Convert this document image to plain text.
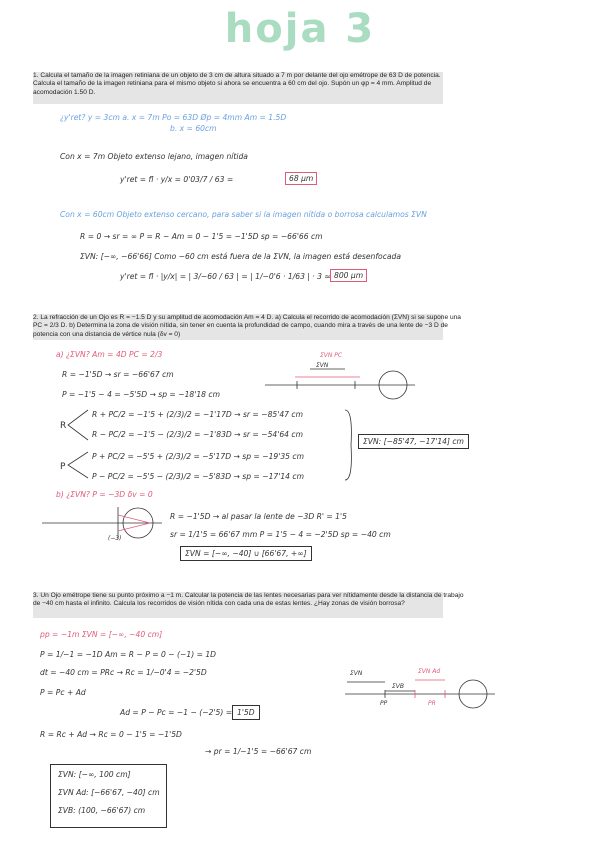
hoja 3
1. Calcula el tamaño de la imagen retiniana de un objeto de 3 cm de altura situado a 7 m por delante del ojo emétrope de 63 D de potencia. Calcula el tamaño de la imagen retiniana para el mismo objeto si ahora se encuentra a 60 cm del ojo. Supón un φp = 4 mm. Amplitud de acomodación 1.50 D.
¿y'ret? y = 3cm a. x = 7m Po = 63D Øp = 4mm Am = 1.5D
b. x = 60cm
Con x = 7m Objeto extenso lejano, imagen nítida
y'ret = fl · y/x = 0'03/7 / 63 =	68 µm
Con x = 60cm Objeto extenso cercano, para saber si la imagen nítida o borrosa calculamos ΣVN
R = 0 → sr = ∞ P = R − Am = 0 − 1'5 = −1'5D sp = −66'66 cm
ΣVN: [−∞, −66'66] Como −60 cm está fuera de la ΣVN, la imagen está desenfocada
y'ret = fl · |y/x| = | 3/−60 / 63 | = | 1/−0'6 · 1/63 | · 3 ≈ 800 µm
2. La refracción de un Ojo es R = −1.5 D y su amplitud de acomodación Am = 4 D. a) Calcula el recorrido de acomodación (ΣVN) si se supone una PC = 2/3 D. b) Determina la zona de visión nítida, sin tener en cuenta la profundidad de campo, cuando mira a través de una lente de −3 D de potencia con una distancia de vértice nula (δv = 0)
a) ¿ΣVN? Am = 4D PC = 2/3
R = −1'5D → sr = −66'67 cm
P = −1'5 − 4 = −5'5D → sp = −18'18 cm
R + PC/2 = −1'5 + (2/3)/2 = −1'17D → sr = −85'47 cm
R − PC/2 = −1'5 − (2/3)/2 = −1'83D → sr = −54'64 cm
P + PC/2 = −5'5 + (2/3)/2 = −5'17D → sp = −19'35 cm
P − PC/2 = −5'5 − (2/3)/2 = −5'83D → sp = −17'14 cm
ΣVN: [−85'47, −17'14] cm
R
P
ΣVN PC
ΣVN
b) ¿ΣVN? P = −3D δv = 0
(−3)
R = −1'5D → al pasar la lente de −3D R' = 1'5
sr = 1/1'5 = 66'67 mm P = 1'5 − 4 = −2'5D sp = −40 cm
ΣVN = [−∞, −40] ∪ [66'67, +∞]
3. Un Ojo emétrope tiene su punto próximo a −1 m. Calcular la potencia de las lentes necesarias para ver nítidamente desde la distancia de trabajo de −40 cm hasta el infinito. Calcula los recorridos de visión nítida con cada una de estas lentes. ¿Hay zonas de visión borrosa?
pp = −1m ΣVN = [−∞, −40 cm]
P = 1/−1 = −1D Am = R − P = 0 − (−1) = 1D
dt = −40 cm = PRc → Rc = 1/−0'4 = −2'5D
P = Pc + Ad
Ad = P − Pc = −1 − (−2'5) = 1'5D
R = Rc + Ad → Rc = 0 − 1'5 = −1'5D
→ pr = 1/−1'5 = −66'67 cm
ΣVN: [−∞, 100 cm]
ΣVN Ad: [−66'67, −40] cm
ΣVB: (100, −66'67) cm
ΣVN
ΣVB
ΣVN Ad
PP	PR
